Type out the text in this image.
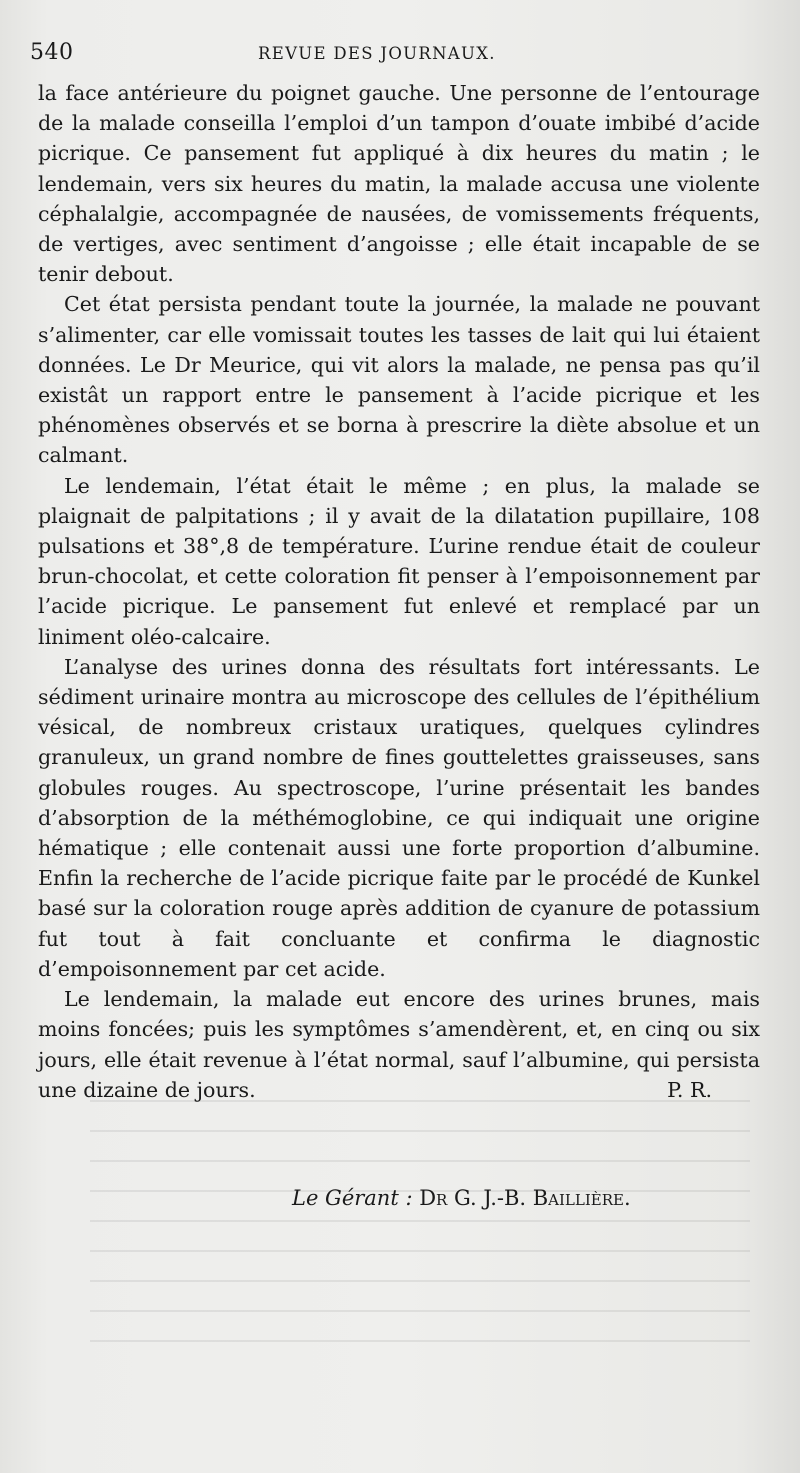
540	REVUE DES JOURNAUX.

la face antérieure du poignet gauche. Une personne de l’entourage de la malade conseilla l’emploi d’un tampon d’ouate imbibé d’acide picrique. Ce pansement fut appliqué à dix heures du matin ; le lendemain, vers six heures du matin, la malade accusa une violente céphalalgie, accompagnée de nausées, de vomissements fréquents, de vertiges, avec sentiment d’angoisse ; elle était incapable de se tenir debout.

Cet état persista pendant toute la journée, la malade ne pouvant s’alimenter, car elle vomissait toutes les tasses de lait qui lui étaient données. Le Dr Meurice, qui vit alors la malade, ne pensa pas qu’il existât un rapport entre le pansement à l’acide picrique et les phénomènes observés et se borna à prescrire la diète absolue et un calmant.

Le lendemain, l’état était le même ; en plus, la malade se plaignait de palpitations ; il y avait de la dilatation pupillaire, 108 pulsations et 38°,8 de température. L’urine rendue était de couleur brun-chocolat, et cette coloration fit penser à l’empoisonnement par l’acide picrique. Le pansement fut enlevé et remplacé par un liniment oléo-calcaire.

L’analyse des urines donna des résultats fort intéressants. Le sédiment urinaire montra au microscope des cellules de l’épithélium vésical, de nombreux cristaux uratiques, quelques cylindres granuleux, un grand nombre de fines gouttelettes graisseuses, sans globules rouges. Au spectroscope, l’urine présentait les bandes d’absorption de la méthémoglobine, ce qui indiquait une origine hématique ; elle contenait aussi une forte proportion d’albumine. Enfin la recherche de l’acide picrique faite par le procédé de Kunkel basé sur la coloration rouge après addition de cyanure de potassium fut tout à fait concluante et confirma le diagnostic d’empoisonnement par cet acide.

Le lendemain, la malade eut encore des urines brunes, mais moins foncées; puis les symptômes s’amendèrent, et, en cinq ou six jours, elle était revenue à l’état normal, sauf l’albumine, qui persista une dizaine de jours.	P. R.

Le Gérant : Dr G. J.-B. Baillière.
